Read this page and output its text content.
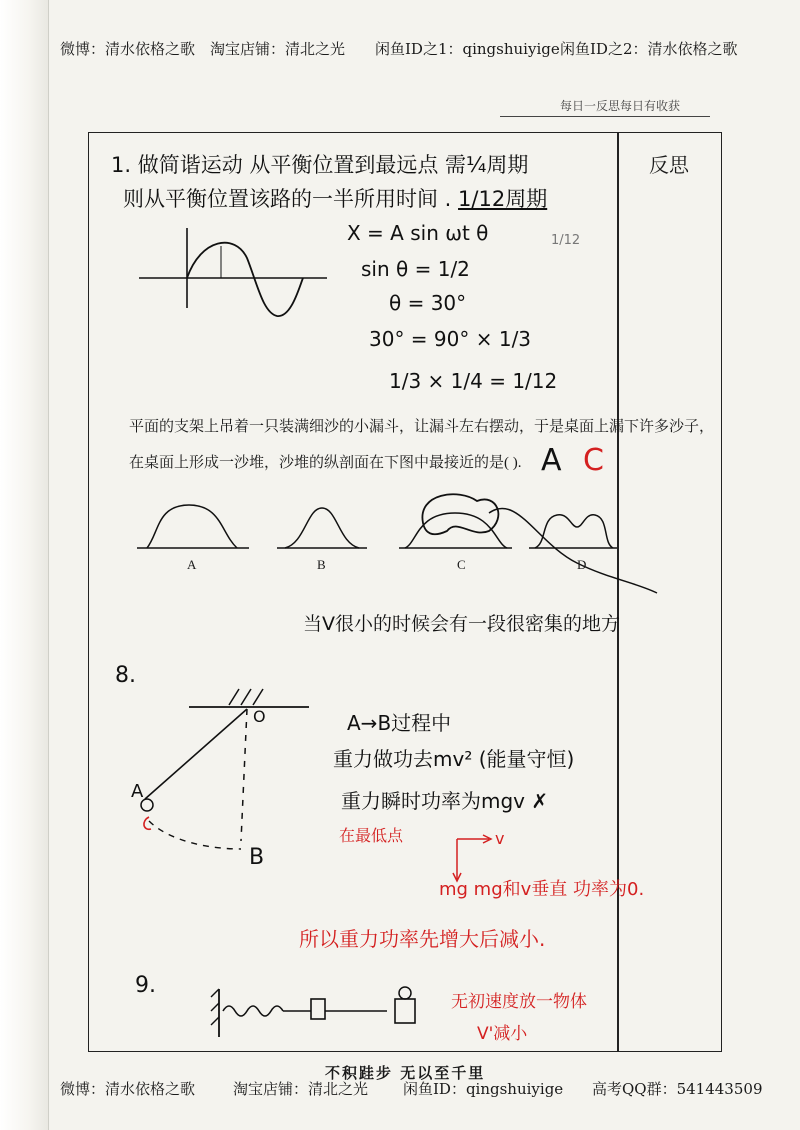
微博：清水依格之歌 淘宝店铺：清北之光 闲鱼ID之1：qingshuiyige 闲鱼ID之2：清水依格之歌
每日一反思每日有收获
反思
1. 做简谐运动 从平衡位置到最远点 需¼周期
则从平衡位置该路的一半所用时间 . 1/12周期
X = A sin ωt θ
sin θ = 1/2
θ = 30°
30° = 90° × 1/3
1/3 × 1/4 = 1/12
1/12
平面的支架上吊着一只装满细沙的小漏斗，让漏斗左右摆动，于是桌面上漏下许多沙子，
在桌面上形成一沙堆，沙堆的纵剖面在下图中最接近的是( ). A C
A	B	C	D
当V很小的时候会有一段很密集的地方
8.
O
A
B
A→B过程中
重力做功去mv² (能量守恒)
重力瞬时功率为mgv ✗
在最低点	v
mg mg和v垂直 功率为0.
所以重力功率先增大后减小.
9.
无初速度放一物体
V'减小
不积跬步 无以至千里
微博：清水依格之歌	淘宝店铺：清北之光 闲鱼ID：qingshuiyige 高考QQ群：541443509
